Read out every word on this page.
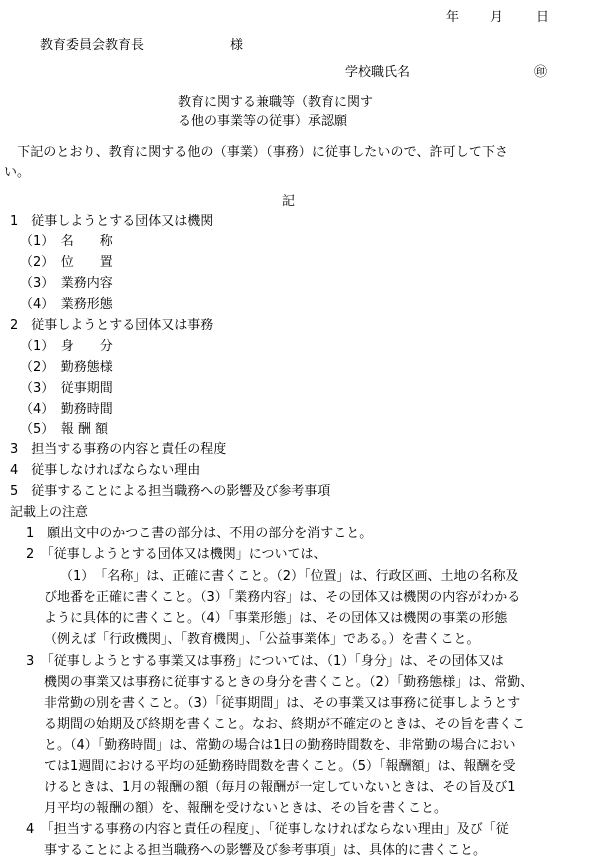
年 月	日
教育委員会教育長	様
学校職氏名	㊞
教育に関する兼職等（教育に関す
る他の事業等の従事）承認願
　下記のとおり、教育に関する他の（事業）（事務）に従事したいので、許可して下さ
い。
記
1　従事しようとする団体又は機関
（1）　名　　称
（2）　位　　置
（3）　業務内容
（4）　業務形態
2　従事しようとする団体又は事務
（1）　身　　分
（2）　勤務態様
（3）　従事期間
（4）　勤務時間
（5）　報 酬 額
3　担当する事務の内容と責任の程度
4　従事しなければならない理由
5　従事することによる担当職務への影響及び参考事項
記載上の注意
1　願出文中のかつこ書の部分は、不用の部分を消すこと。
2　「従事しようとする団体又は機関」については、
（1）　「名称」は、正確に書くこと。（2）「位置」は、行政区画、土地の名称及
び地番を正確に書くこと。（3）「業務内容」は、その団体又は機関の内容がわかる
ように具体的に書くこと。（4）「事業形態」は、その団体又は機関の事業の形態
（例えば「行政機関」、「教育機関」、「公益事業体」である。）を書くこと。
3　「従事しようとする事業又は事務」については、（1）「身分」は、その団体又は
機関の事業又は事務に従事するときの身分を書くこと。（2）「勤務態様」は、常勤、
非常勤の別を書くこと。（3）「従事期間」は、その事業又は事務に従事しようとす
る期間の始期及び終期を書くこと。なお、終期が不確定のときは、その旨を書くこ
と。（4）「勤務時間」は、常勤の場合は1日の勤務時間数を、非常勤の場合におい
ては1週間における平均の延勤務時間数を書くこと。（5）「報酬額」は、報酬を受
けるときは、1月の報酬の額（毎月の報酬が一定していないときは、その旨及び1
月平均の報酬の額）を、報酬を受けないときは、その旨を書くこと。
4　「担当する事務の内容と責任の程度」、「従事しなければならない理由」及び「従
事することによる担当職務への影響及び参考事項」は、具体的に書くこと。
